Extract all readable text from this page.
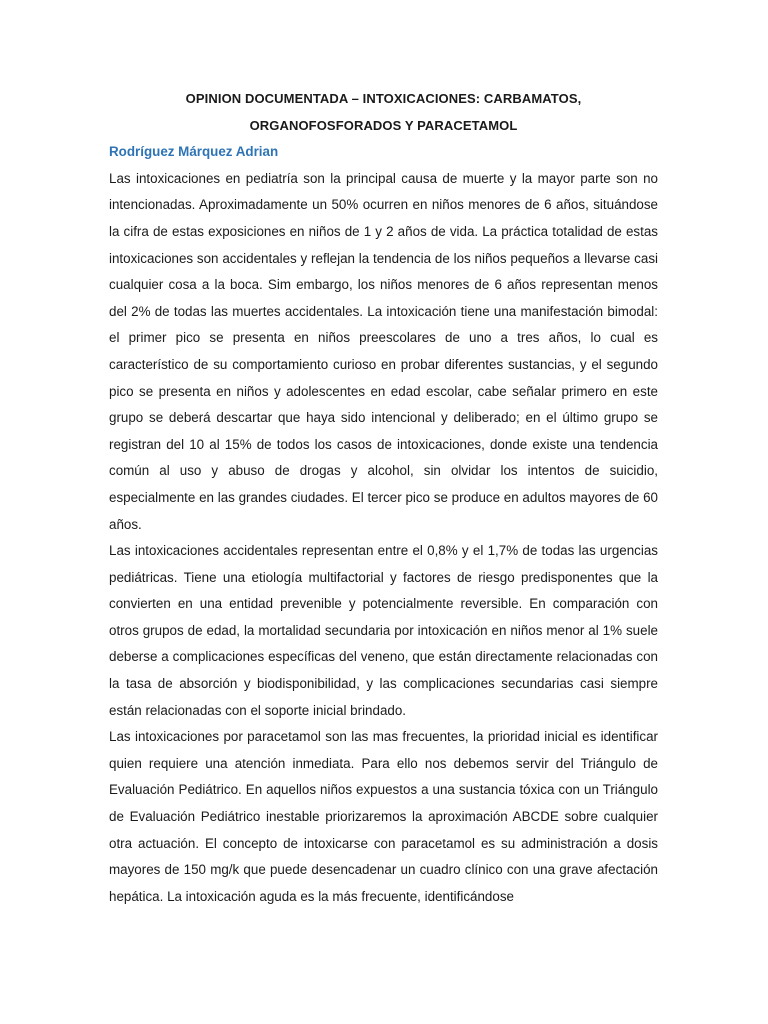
OPINION DOCUMENTADA – INTOXICACIONES: CARBAMATOS, ORGANOFOSFORADOS Y PARACETAMOL

Rodríguez Márquez Adrian

Las intoxicaciones en pediatría son la principal causa de muerte y la mayor parte son no intencionadas. Aproximadamente un 50% ocurren en niños menores de 6 años, situándose la cifra de estas exposiciones en niños de 1 y 2 años de vida. La práctica totalidad de estas intoxicaciones son accidentales y reflejan la tendencia de los niños pequeños a llevarse casi cualquier cosa a la boca. Sim embargo, los niños menores de 6 años representan menos del 2% de todas las muertes accidentales. La intoxicación tiene una manifestación bimodal: el primer pico se presenta en niños preescolares de uno a tres años, lo cual es característico de su comportamiento curioso en probar diferentes sustancias, y el segundo pico se presenta en niños y adolescentes en edad escolar, cabe señalar primero en este grupo se deberá descartar que haya sido intencional y deliberado; en el último grupo se registran del 10 al 15% de todos los casos de intoxicaciones, donde existe una tendencia común al uso y abuso de drogas y alcohol, sin olvidar los intentos de suicidio, especialmente en las grandes ciudades. El tercer pico se produce en adultos mayores de 60 años.

Las intoxicaciones accidentales representan entre el 0,8% y el 1,7% de todas las urgencias pediátricas. Tiene una etiología multifactorial y factores de riesgo predisponentes que la convierten en una entidad prevenible y potencialmente reversible. En comparación con otros grupos de edad, la mortalidad secundaria por intoxicación en niños menor al 1% suele deberse a complicaciones específicas del veneno, que están directamente relacionadas con la tasa de absorción y biodisponibilidad, y las complicaciones secundarias casi siempre están relacionadas con el soporte inicial brindado.

Las intoxicaciones por paracetamol son las mas frecuentes, la prioridad inicial es identificar quien requiere una atención inmediata. Para ello nos debemos servir del Triángulo de Evaluación Pediátrico. En aquellos niños expuestos a una sustancia tóxica con un Triángulo de Evaluación Pediátrico inestable priorizaremos la aproximación ABCDE sobre cualquier otra actuación. El concepto de intoxicarse con paracetamol es su administración a dosis mayores de 150 mg/k que puede desencadenar un cuadro clínico con una grave afectación hepática. La intoxicación aguda es la más frecuente, identificándose
